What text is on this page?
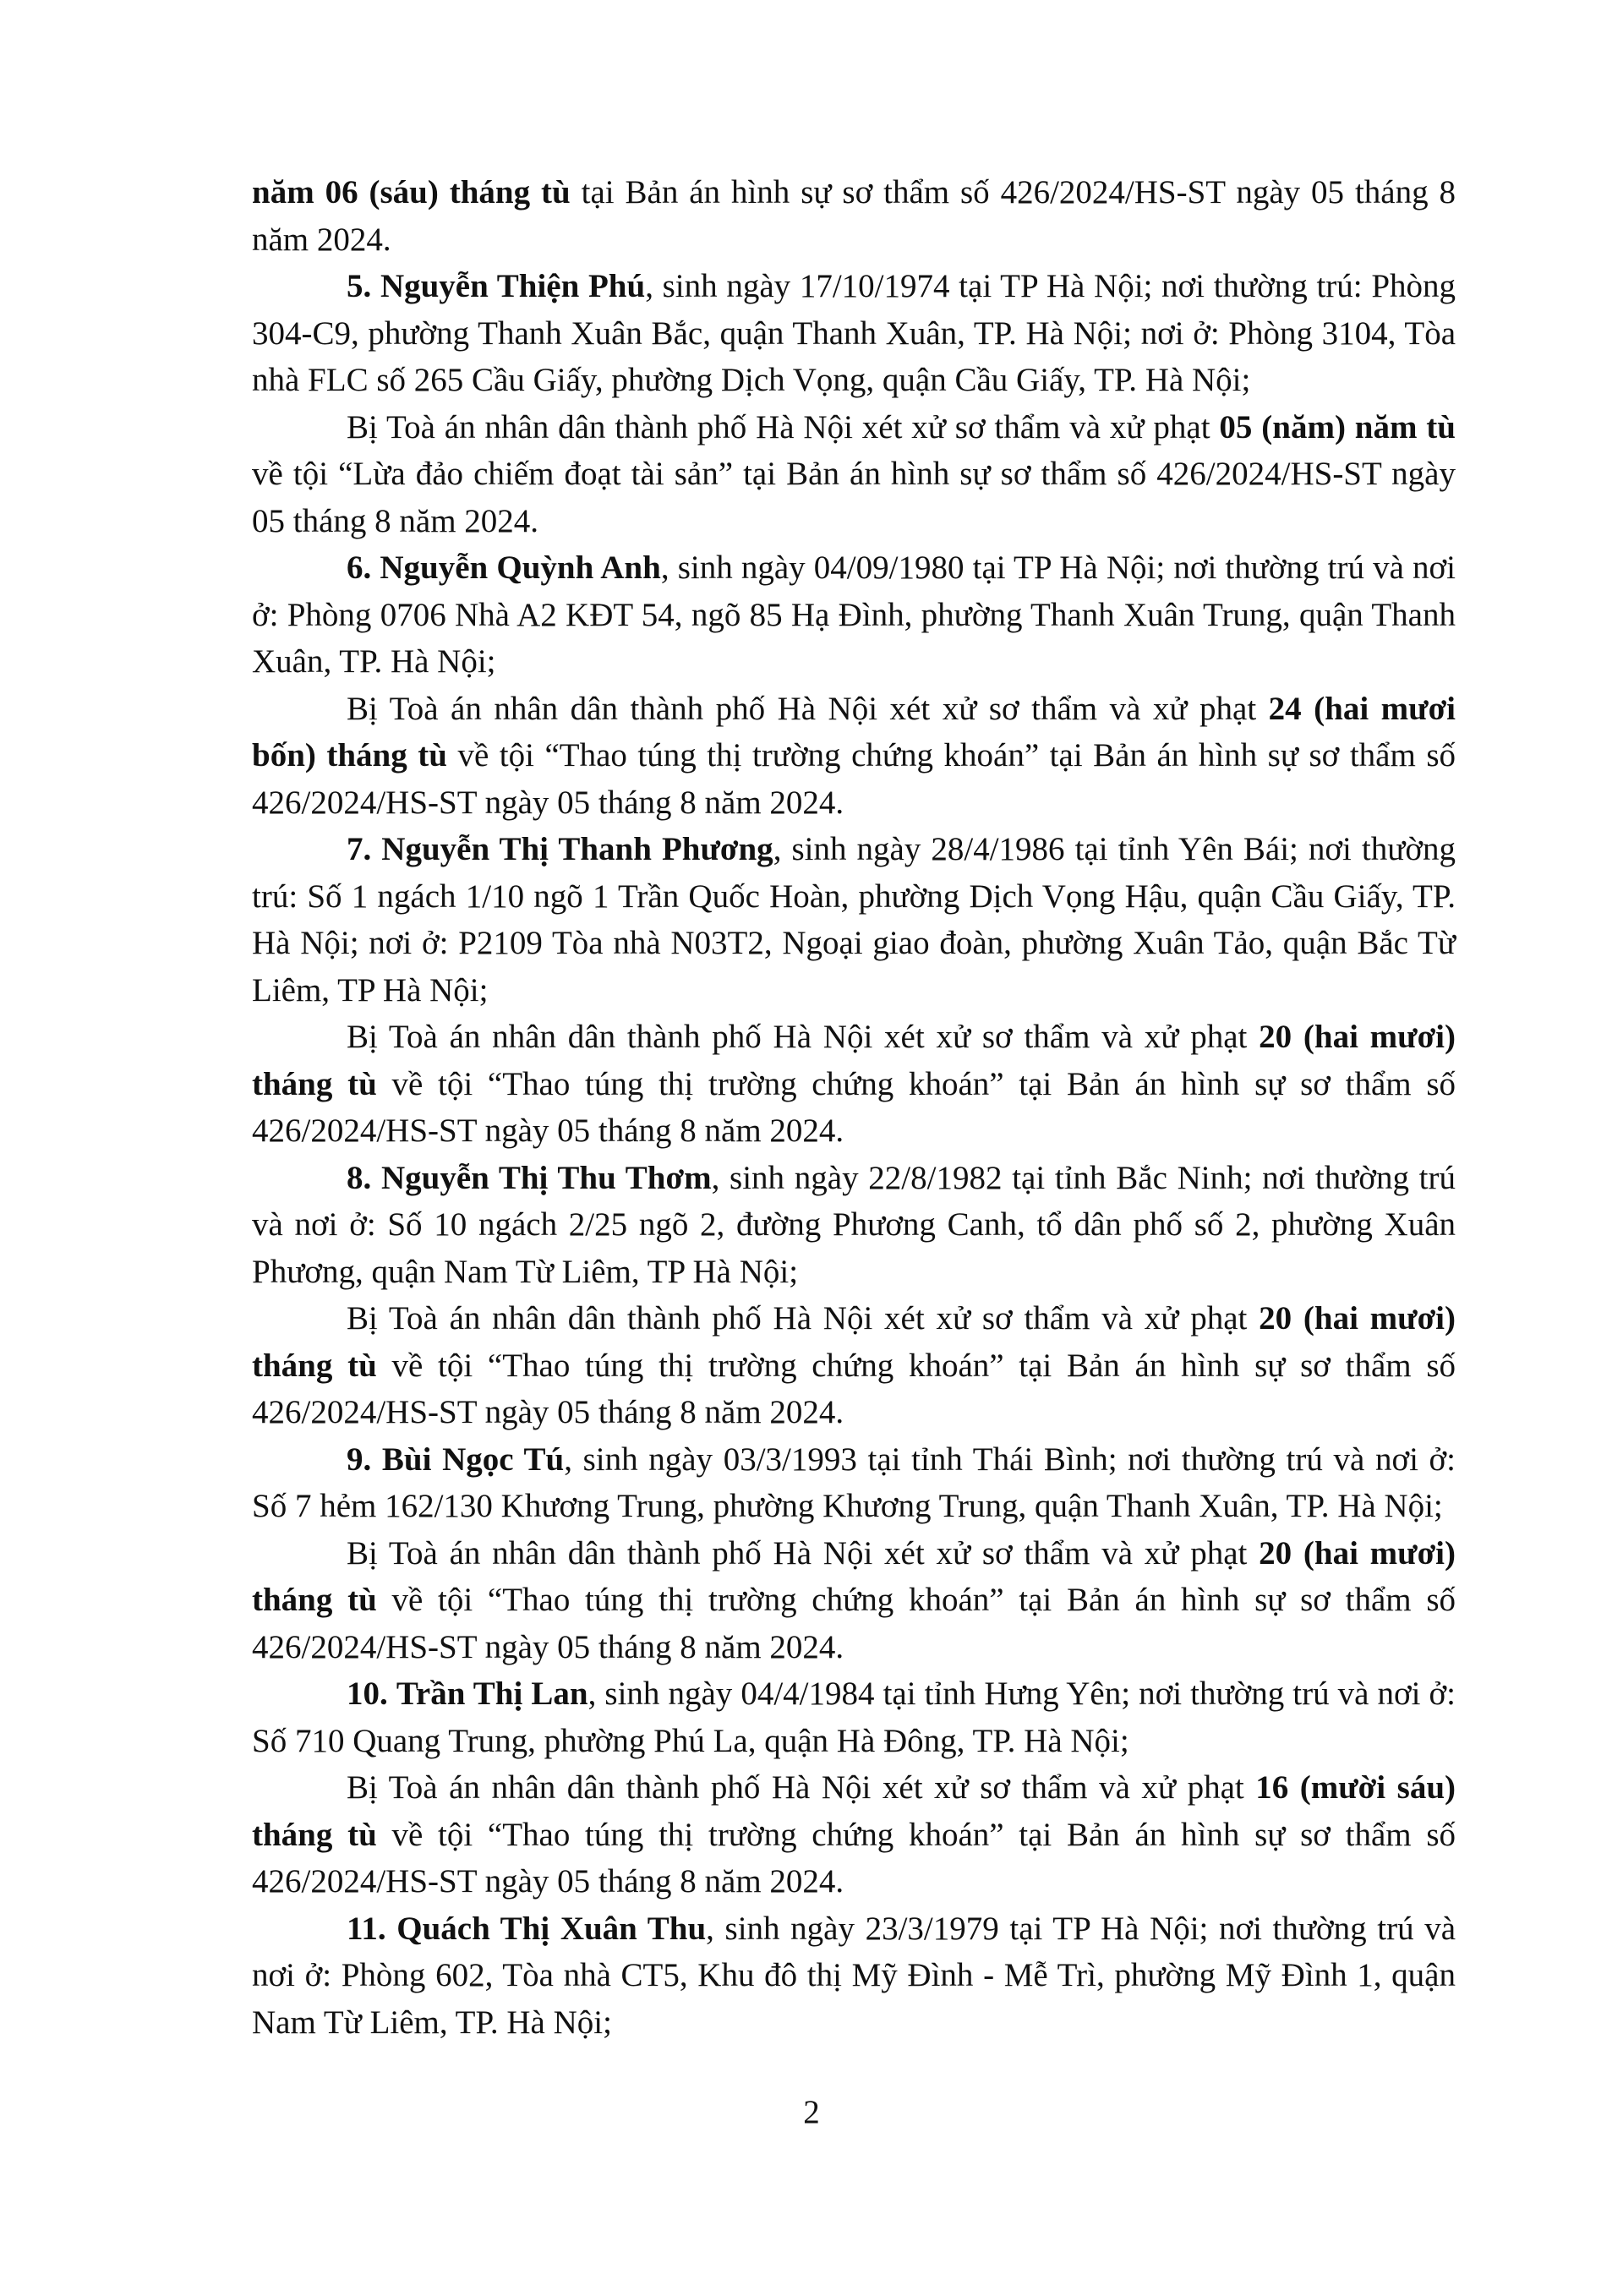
năm 06 (sáu) tháng tù tại Bản án hình sự sơ thẩm số 426/2024/HS-ST ngày 05 tháng 8 năm 2024.

5. Nguyễn Thiện Phú, sinh ngày 17/10/1974 tại TP Hà Nội; nơi thường trú: Phòng 304-C9, phường Thanh Xuân Bắc, quận Thanh Xuân, TP. Hà Nội; nơi ở: Phòng 3104, Tòa nhà FLC số 265 Cầu Giấy, phường Dịch Vọng, quận Cầu Giấy, TP. Hà Nội;

Bị Toà án nhân dân thành phố Hà Nội xét xử sơ thẩm và xử phạt 05 (năm) năm tù về tội “Lừa đảo chiếm đoạt tài sản” tại Bản án hình sự sơ thẩm số 426/2024/HS-ST ngày 05 tháng 8 năm 2024.

6. Nguyễn Quỳnh Anh, sinh ngày 04/09/1980 tại TP Hà Nội; nơi thường trú và nơi ở: Phòng 0706 Nhà A2 KĐT 54, ngõ 85 Hạ Đình, phường Thanh Xuân Trung, quận Thanh Xuân, TP. Hà Nội;

Bị Toà án nhân dân thành phố Hà Nội xét xử sơ thẩm và xử phạt 24 (hai mươi bốn) tháng tù về tội “Thao túng thị trường chứng khoán” tại Bản án hình sự sơ thẩm số 426/2024/HS-ST ngày 05 tháng 8 năm 2024.

7. Nguyễn Thị Thanh Phương, sinh ngày 28/4/1986 tại tỉnh Yên Bái; nơi thường trú: Số 1 ngách 1/10 ngõ 1 Trần Quốc Hoàn, phường Dịch Vọng Hậu, quận Cầu Giấy, TP. Hà Nội; nơi ở: P2109 Tòa nhà N03T2, Ngoại giao đoàn, phường Xuân Tảo, quận Bắc Từ Liêm, TP Hà Nội;

Bị Toà án nhân dân thành phố Hà Nội xét xử sơ thẩm và xử phạt 20 (hai mươi) tháng tù về tội “Thao túng thị trường chứng khoán” tại Bản án hình sự sơ thẩm số 426/2024/HS-ST ngày 05 tháng 8 năm 2024.

8. Nguyễn Thị Thu Thơm, sinh ngày 22/8/1982 tại tỉnh Bắc Ninh; nơi thường trú và nơi ở: Số 10 ngách 2/25 ngõ 2, đường Phương Canh, tổ dân phố số 2, phường Xuân Phương, quận Nam Từ Liêm, TP Hà Nội;

Bị Toà án nhân dân thành phố Hà Nội xét xử sơ thẩm và xử phạt 20 (hai mươi) tháng tù về tội “Thao túng thị trường chứng khoán” tại Bản án hình sự sơ thẩm số 426/2024/HS-ST ngày 05 tháng 8 năm 2024.

9. Bùi Ngọc Tú, sinh ngày 03/3/1993 tại tỉnh Thái Bình; nơi thường trú và nơi ở: Số 7 hẻm 162/130 Khương Trung, phường Khương Trung, quận Thanh Xuân, TP. Hà Nội;

Bị Toà án nhân dân thành phố Hà Nội xét xử sơ thẩm và xử phạt 20 (hai mươi) tháng tù về tội “Thao túng thị trường chứng khoán” tại Bản án hình sự sơ thẩm số 426/2024/HS-ST ngày 05 tháng 8 năm 2024.

10. Trần Thị Lan, sinh ngày 04/4/1984 tại tỉnh Hưng Yên; nơi thường trú và nơi ở: Số 710 Quang Trung, phường Phú La, quận Hà Đông, TP. Hà Nội;

Bị Toà án nhân dân thành phố Hà Nội xét xử sơ thẩm và xử phạt 16 (mười sáu) tháng tù về tội “Thao túng thị trường chứng khoán” tại Bản án hình sự sơ thẩm số 426/2024/HS-ST ngày 05 tháng 8 năm 2024.

11. Quách Thị Xuân Thu, sinh ngày 23/3/1979 tại TP Hà Nội; nơi thường trú và nơi ở: Phòng 602, Tòa nhà CT5, Khu đô thị Mỹ Đình - Mễ Trì, phường Mỹ Đình 1, quận Nam Từ Liêm, TP. Hà Nội;

2
